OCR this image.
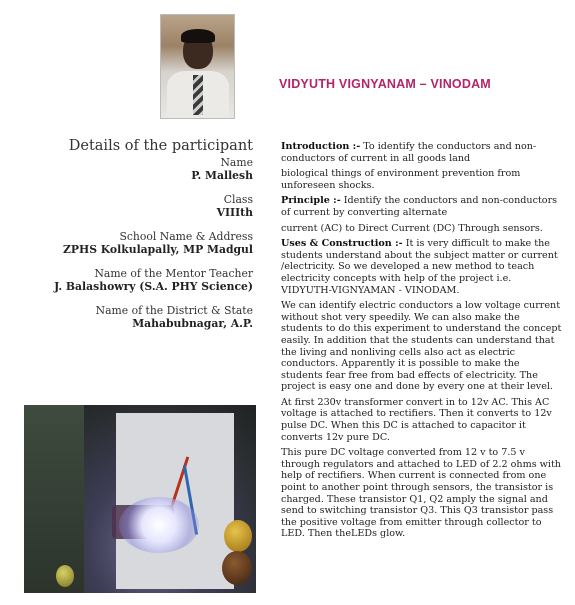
VIDYUTH VIGNYANAM – VINODAM
Details of the participant
Name
P. Mallesh
Class
VIIIth
School Name & Address
ZPHS Kolkulapally, MP Madgul
Name of the Mentor Teacher
J. Balashowry (S.A. PHY Science)
Name of the District & State
Mahabubnagar, A.P.

Introduction :- To identify the conductors and non-conductors of current in all goods land

biological things of environment prevention from unforeseen shocks.

Principle :- Identify the conductors and non-conductors of current by converting alternate

current (AC) to Direct Current (DC) Through sensors.

Uses & Construction :- It is very difficult to make the students understand about the subject matter or current /electricity. So we developed a new method to teach electricity concepts with help of the project i.e. VIDYUTH-VIGNYAMAN - VINODAM.

We can identify electric conductors a low voltage current without shot very speedily. We can also make the students to do this experiment to understand the concept easily. In addition that the students can understand that the living and nonliving cells also act as electric conductors. Apparently it is possible to make the students fear free from bad effects of electricity. The project is easy one and done by every one at their level.

At first 230v transformer convert in to 12v AC. This AC voltage is attached to rectifiers. Then it converts to 12v pulse DC. When this DC is attached to capacitor it converts 12v pure DC.

This pure DC voltage converted from 12 v to 7.5 v through regulators and attached to LED of 2.2 ohms with help of rectifiers. When current is connected from one point to another point through sensors, the transistor is charged. These transistor Q1, Q2 amply the signal and send to switching transistor Q3. This Q3 transistor pass the positive voltage from emitter through collector to LED. Then theLEDs glow.
